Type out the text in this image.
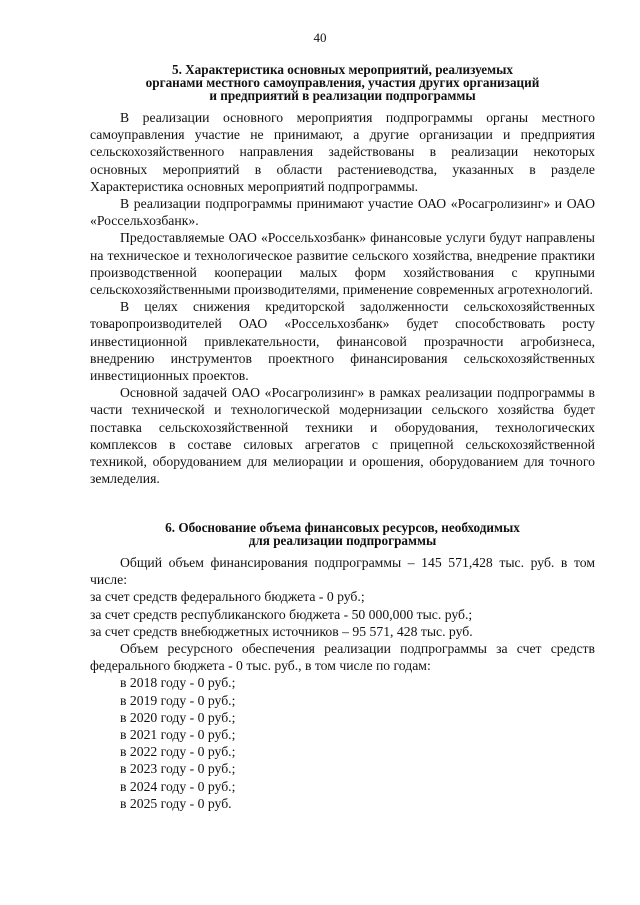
40
5. Характеристика основных мероприятий, реализуемых
органами местного самоуправления, участия других организаций
и предприятий в реализации подпрограммы

В реализации основного мероприятия подпрограммы органы местного самоуправления участие не принимают, а другие организации и предприятия сельскохозяйственного направления задействованы в реализации некоторых основных мероприятий в области растениеводства, указанных в разделе Характеристика основных мероприятий подпрограммы.

В реализации подпрограммы принимают участие ОАО «Росагролизинг» и ОАО «Россельхозбанк».

Предоставляемые ОАО «Россельхозбанк» финансовые услуги будут направлены на техническое и технологическое развитие сельского хозяйства, внедрение практики производственной кооперации малых форм хозяйствования с крупными сельскохозяйственными производителями, применение современных агротехнологий.

В целях снижения кредиторской задолженности сельскохозяйственных товаропроизводителей ОАО «Россельхозбанк» будет способствовать росту инвестиционной привлекательности, финансовой прозрачности агробизнеса, внедрению инструментов проектного финансирования сельскохозяйственных инвестиционных проектов.

Основной задачей ОАО «Росагролизинг» в рамках реализации подпрограммы в части технической и технологической модернизации сельского хозяйства будет поставка сельскохозяйственной техники и оборудования, технологических комплексов в составе силовых агрегатов с прицепной сельскохозяйственной техникой, оборудованием для мелиорации и орошения, оборудованием для точного земледелия.

6. Обоснование объема финансовых ресурсов, необходимых
для реализации подпрограммы

Общий объем финансирования подпрограммы – 145 571,428 тыс. руб. в том числе:

за счет средств федерального бюджета - 0 руб.;

за счет средств республиканского бюджета - 50 000,000 тыс. руб.;

за счет средств внебюджетных источников – 95 571, 428 тыс. руб.

Объем ресурсного обеспечения реализации подпрограммы за счет средств федерального бюджета - 0 тыс. руб., в том числе по годам:

в 2018 году - 0 руб.;

в 2019 году - 0 руб.;

в 2020 году - 0 руб.;

в 2021 году - 0 руб.;

в 2022 году - 0 руб.;

в 2023 году - 0 руб.;

в 2024 году - 0 руб.;

в 2025 году - 0 руб.
